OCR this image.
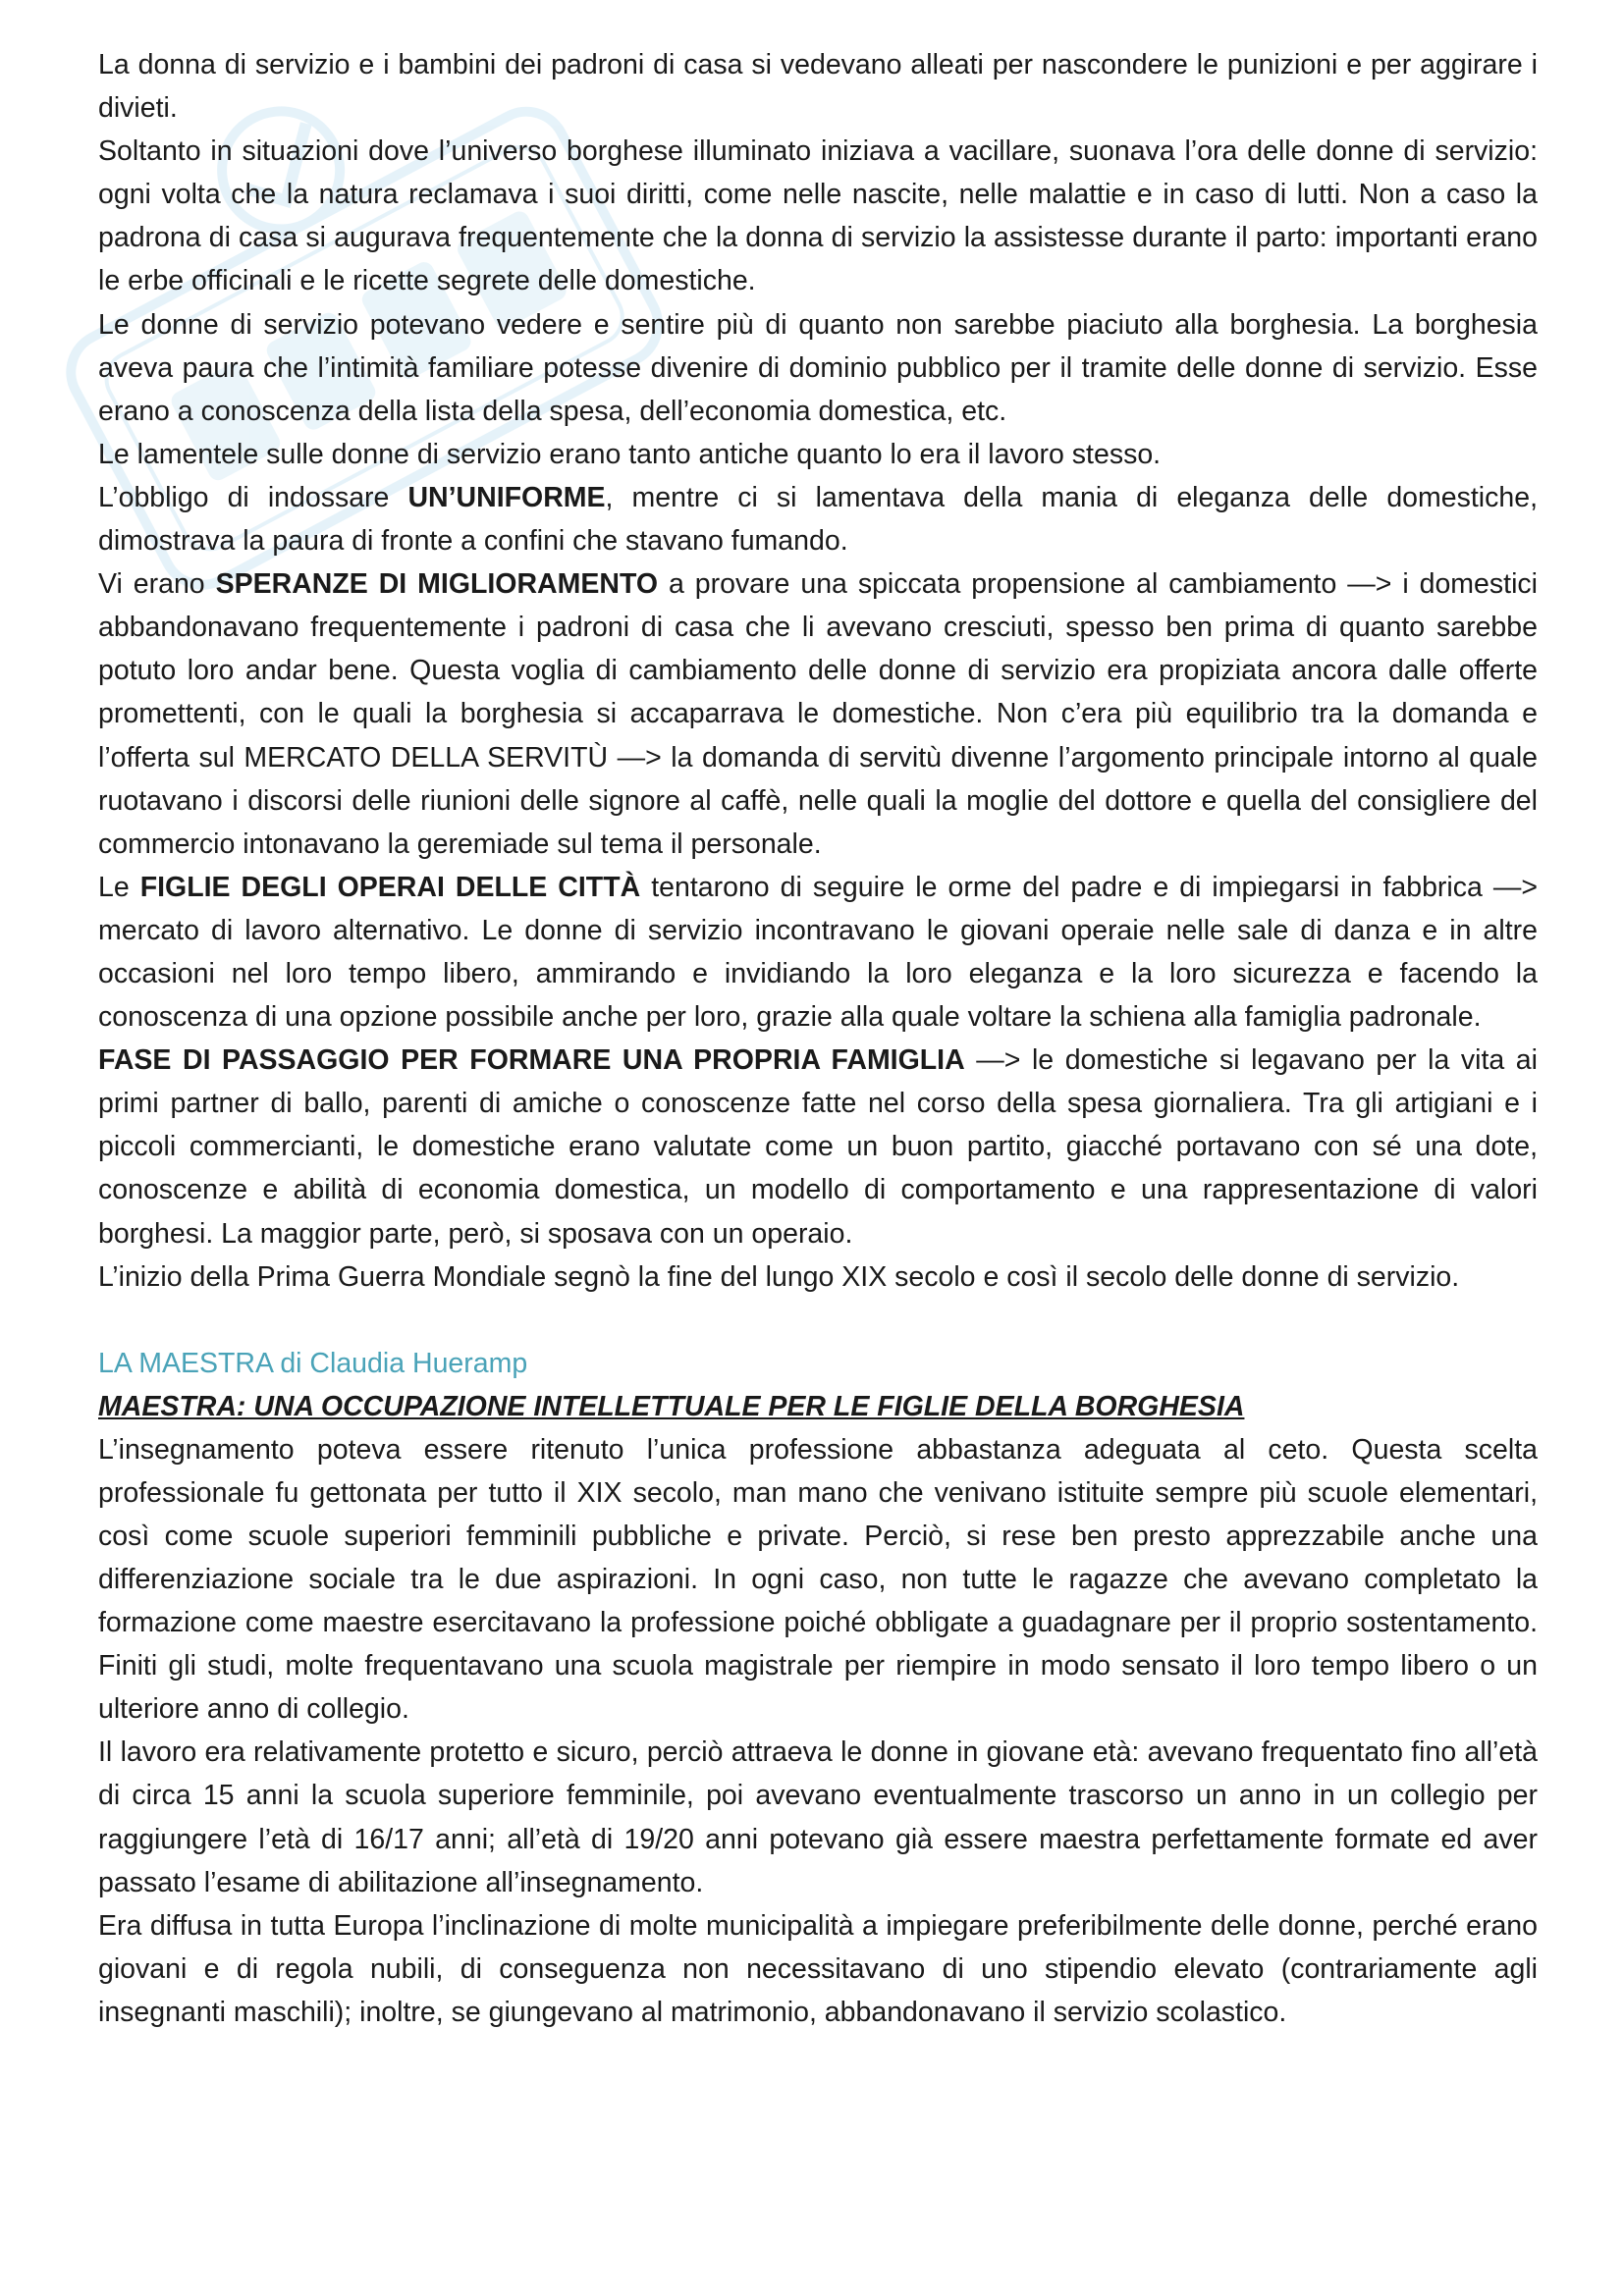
La donna di servizio e i bambini dei padroni di casa si vedevano alleati per nascondere le punizioni e per aggirare i divieti.

Soltanto in situazioni dove l’universo borghese illuminato iniziava a vacillare, suonava l’ora delle donne di servizio: ogni volta che la natura reclamava i suoi diritti, come nelle nascite, nelle malattie e in caso di lutti. Non a caso la padrona di casa si augurava frequentemente che la donna di servizio la assistesse durante il parto: importanti erano le erbe officinali e le ricette segrete delle domestiche.

Le donne di servizio potevano vedere e sentire più di quanto non sarebbe piaciuto alla borghesia. La borghesia aveva paura che l’intimità familiare potesse divenire di dominio pubblico per il tramite delle donne di servizio. Esse erano a conoscenza della lista della spesa, dell’economia domestica, etc.

Le lamentele sulle donne di servizio erano tanto antiche quanto lo era il lavoro stesso.

L’obbligo di indossare UN’UNIFORME, mentre ci si lamentava della mania di eleganza delle domestiche, dimostrava la paura di fronte a confini che stavano fumando.

Vi erano SPERANZE DI MIGLIORAMENTO a provare una spiccata propensione al cambiamento —> i domestici abbandonavano frequentemente i padroni di casa che li avevano cresciuti, spesso ben prima di quanto sarebbe potuto loro andar bene. Questa voglia di cambiamento delle donne di servizio era propiziata ancora dalle offerte promettenti, con le quali la borghesia si accaparrava le domestiche. Non c’era più equilibrio tra la domanda e l’offerta sul MERCATO DELLA SERVITÙ —> la domanda di servitù divenne l’argomento principale intorno al quale ruotavano i discorsi delle riunioni delle signore al caffè, nelle quali la moglie del dottore e quella del consigliere del commercio intonavano la geremiade sul tema il personale.

Le FIGLIE DEGLI OPERAI DELLE CITTÀ tentarono di seguire le orme del padre e di impiegarsi in fabbrica —> mercato di lavoro alternativo. Le donne di servizio incontravano le giovani operaie nelle sale di danza e in altre occasioni nel loro tempo libero, ammirando e invidiando la loro eleganza e la loro sicurezza e facendo la conoscenza di una opzione possibile anche per loro, grazie alla quale voltare la schiena alla famiglia padronale.

FASE DI PASSAGGIO PER FORMARE UNA PROPRIA FAMIGLIA —> le domestiche si legavano per la vita ai primi partner di ballo, parenti di amiche o conoscenze fatte nel corso della spesa giornaliera. Tra gli artigiani e i piccoli commercianti, le domestiche erano valutate come un buon partito, giacché portavano con sé una dote, conoscenze e abilità di economia domestica, un modello di comportamento e una rappresentazione di valori borghesi. La maggior parte, però, si sposava con un operaio.

L’inizio della Prima Guerra Mondiale segnò la fine del lungo XIX secolo e così il secolo delle donne di servizio.

LA MAESTRA di Claudia Hueramp
MAESTRA: UNA OCCUPAZIONE INTELLETTUALE PER LE FIGLIE DELLA BORGHESIA

L’insegnamento poteva essere ritenuto l’unica professione abbastanza adeguata al ceto. Questa scelta professionale fu gettonata per tutto il XIX secolo, man mano che venivano istituite sempre più scuole elementari, così come scuole superiori femminili pubbliche e private. Perciò, si rese ben presto apprezzabile anche una differenziazione sociale tra le due aspirazioni. In ogni caso, non tutte le ragazze che avevano completato la formazione come maestre esercitavano la professione poiché obbligate a guadagnare per il proprio sostentamento. Finiti gli studi, molte frequentavano una scuola magistrale per riempire in modo sensato il loro tempo libero o un ulteriore anno di collegio.

Il lavoro era relativamente protetto e sicuro, perciò attraeva le donne in giovane età: avevano frequentato fino all’età di circa 15 anni la scuola superiore femminile, poi avevano eventualmente trascorso un anno in un collegio per raggiungere l’età di 16/17 anni; all’età di 19/20 anni potevano già essere maestra perfettamente formate ed aver passato l’esame di abilitazione all’insegnamento.

Era diffusa in tutta Europa l’inclinazione di molte municipalità a impiegare preferibilmente delle donne, perché erano giovani e di regola nubili, di conseguenza non necessitavano di uno stipendio elevato (contrariamente agli insegnanti maschili); inoltre, se giungevano al matrimonio, abbandonavano il servizio scolastico.
